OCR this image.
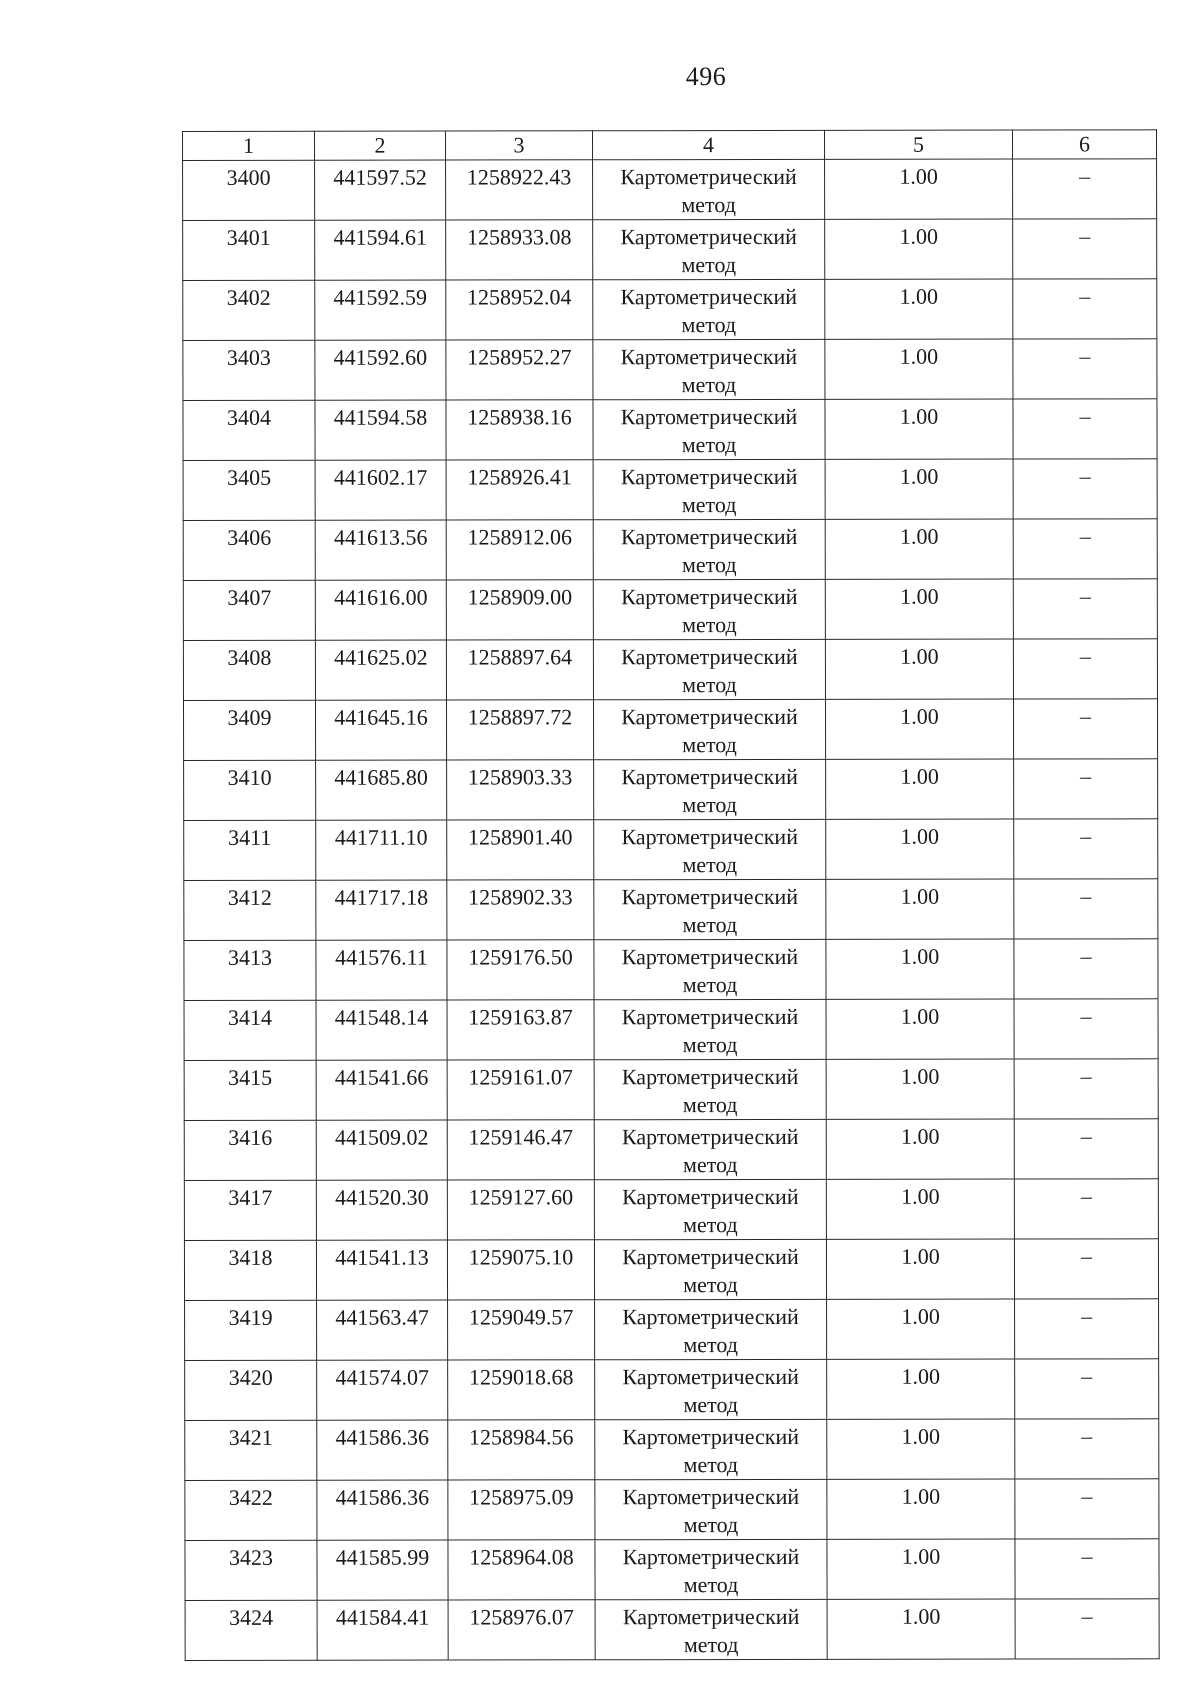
496
1	2	3	4	5	6
3400	441597.52	1258922.43	Картометрический
метод	1.00	–
3401	441594.61	1258933.08	Картометрический
метод	1.00	–
3402	441592.59	1258952.04	Картометрический
метод	1.00	–
3403	441592.60	1258952.27	Картометрический
метод	1.00	–
3404	441594.58	1258938.16	Картометрический
метод	1.00	–
3405	441602.17	1258926.41	Картометрический
метод	1.00	–
3406	441613.56	1258912.06	Картометрический
метод	1.00	–
3407	441616.00	1258909.00	Картометрический
метод	1.00	–
3408	441625.02	1258897.64	Картометрический
метод	1.00	–
3409	441645.16	1258897.72	Картометрический
метод	1.00	–
3410	441685.80	1258903.33	Картометрический
метод	1.00	–
3411	441711.10	1258901.40	Картометрический
метод	1.00	–
3412	441717.18	1258902.33	Картометрический
метод	1.00	–
3413	441576.11	1259176.50	Картометрический
метод	1.00	–
3414	441548.14	1259163.87	Картометрический
метод	1.00	–
3415	441541.66	1259161.07	Картометрический
метод	1.00	–
3416	441509.02	1259146.47	Картометрический
метод	1.00	–
3417	441520.30	1259127.60	Картометрический
метод	1.00	–
3418	441541.13	1259075.10	Картометрический
метод	1.00	–
3419	441563.47	1259049.57	Картометрический
метод	1.00	–
3420	441574.07	1259018.68	Картометрический
метод	1.00	–
3421	441586.36	1258984.56	Картометрический
метод	1.00	–
3422	441586.36	1258975.09	Картометрический
метод	1.00	–
3423	441585.99	1258964.08	Картометрический
метод	1.00	–
3424	441584.41	1258976.07	Картометрический
метод	1.00	–
